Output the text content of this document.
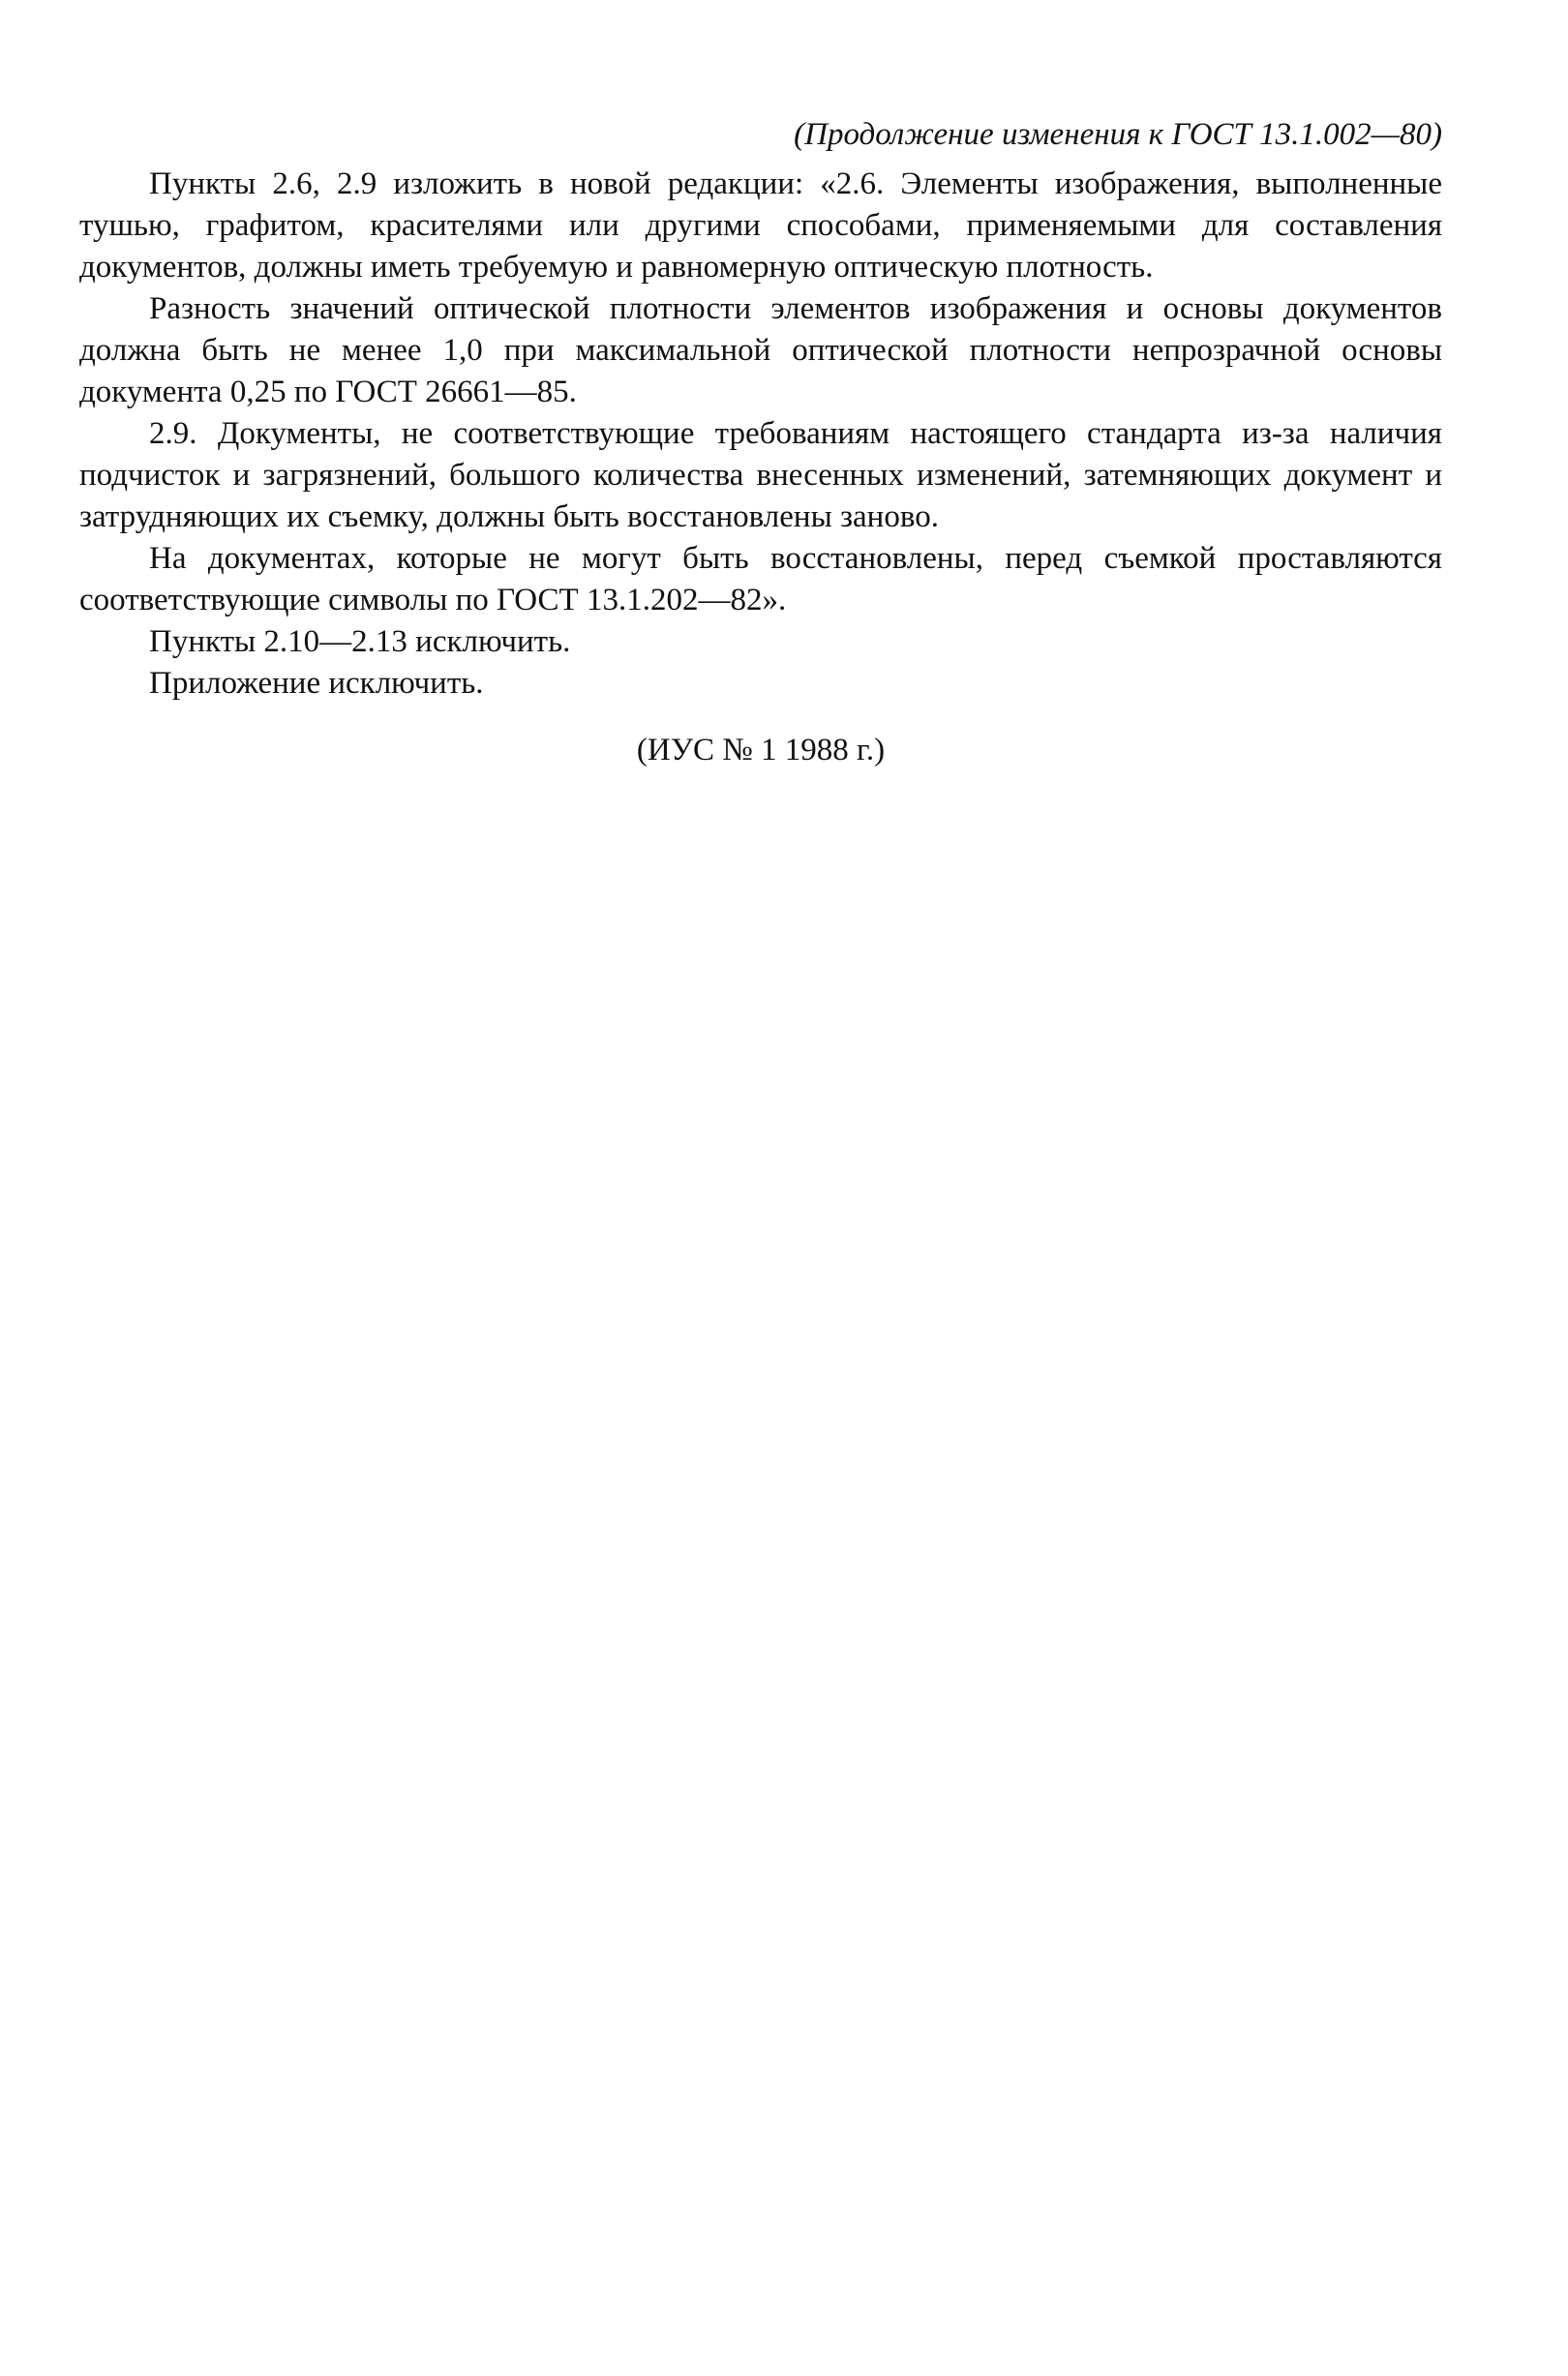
(Продолжение изменения к ГОСТ 13.1.002—80)

Пункты 2.6, 2.9 изложить в новой редакции: «2.6. Элементы изображения, выполненные тушью, графитом, красителями или другими способами, применяемыми для составления документов, должны иметь требуемую и равномерную оптическую плотность.

Разность значений оптической плотности элементов изображения и основы документов должна быть не менее 1,0 при максимальной оптической плотности непрозрачной основы документа 0,25 по ГОСТ 26661—85.

2.9. Документы, не соответствующие требованиям настоящего стандарта из-за наличия подчисток и загрязнений, большого количества внесенных изменений, затемняющих документ и затрудняющих их съемку, должны быть восстановлены заново.

На документах, которые не могут быть восстановлены, перед съемкой проставляются соответствующие символы по ГОСТ 13.1.202—82».

Пункты 2.10—2.13 исключить.

Приложение исключить.

(ИУС № 1 1988 г.)
